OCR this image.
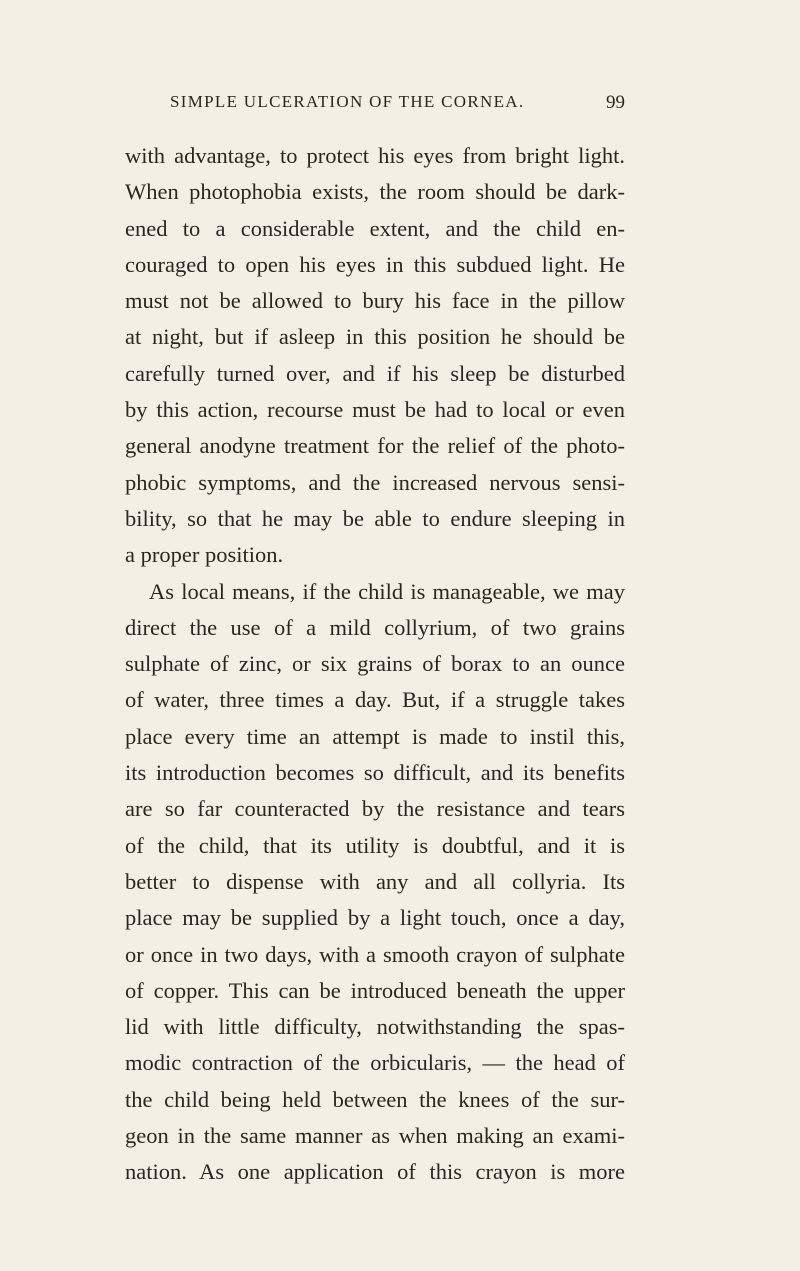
SIMPLE ULCERATION OF THE CORNEA.	99
with advantage, to protect his eyes from bright light.
When photophobia exists, the room should be dark-
ened to a considerable extent, and the child en-
couraged to open his eyes in this subdued light. He
must not be allowed to bury his face in the pillow
at night, but if asleep in this position he should be
carefully turned over, and if his sleep be disturbed
by this action, recourse must be had to local or even
general anodyne treatment for the relief of the photo-
phobic symptoms, and the increased nervous sensi-
bility, so that he may be able to endure sleeping in
a proper position.
As local means, if the child is manageable, we may
direct the use of a mild collyrium, of two grains
sulphate of zinc, or six grains of borax to an ounce
of water, three times a day. But, if a struggle takes
place every time an attempt is made to instil this,
its introduction becomes so difficult, and its benefits
are so far counteracted by the resistance and tears
of the child, that its utility is doubtful, and it is
better to dispense with any and all collyria. Its
place may be supplied by a light touch, once a day,
or once in two days, with a smooth crayon of sulphate
of copper. This can be introduced beneath the upper
lid with little difficulty, notwithstanding the spas-
modic contraction of the orbicularis, — the head of
the child being held between the knees of the sur-
geon in the same manner as when making an exami-
nation. As one application of this crayon is more
